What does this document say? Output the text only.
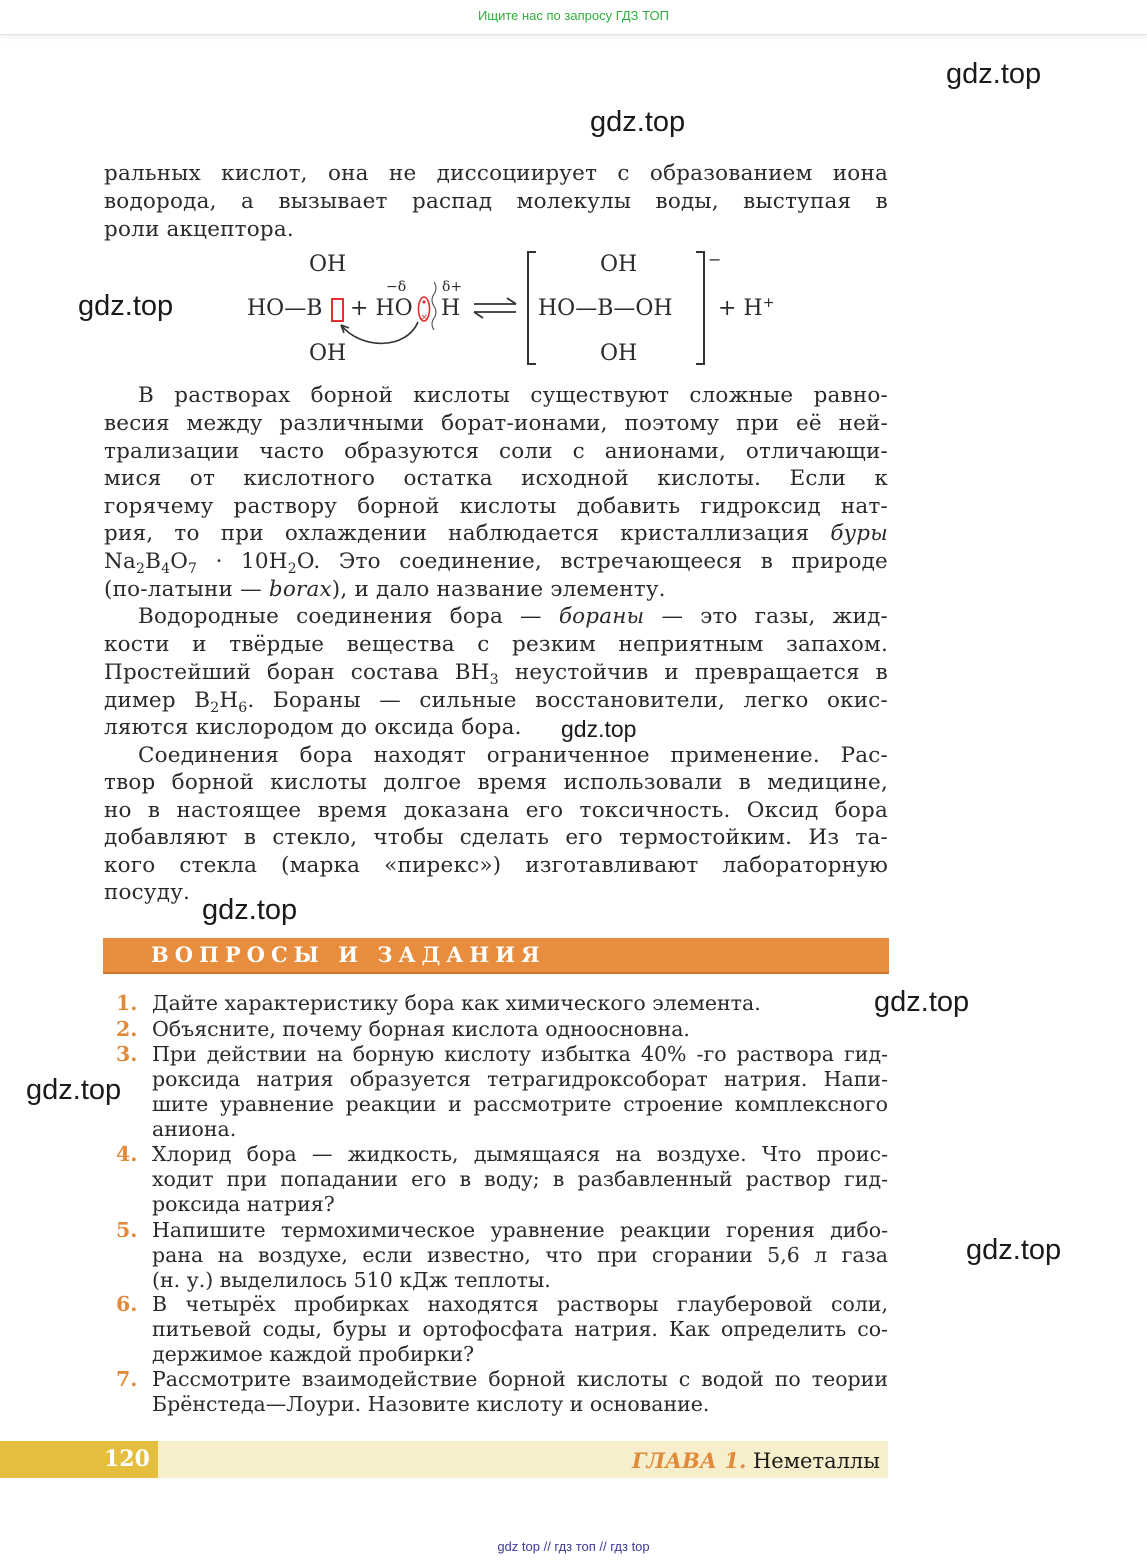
Ищите нас по запросу ГДЗ ТОП
gdz.top
gdz.top
gdz.top
gdz.top
gdz.top
gdz.top
gdz.top
gdz.top
ральных кислот, она не диссоциирует с образованием иона
водорода, а вызывает распад молекулы воды, выступая в
роли акцептора.
OH
OH
HO—B + HO H
−δ	δ+
×
OH
OH
HO—B—OH
−
+ H+
В растворах борной кислоты существуют сложные равно-
весия между различными борат-ионами, поэтому при её ней-
трализации часто образуются соли с анионами, отличающи-
мися от кислотного остатка исходной кислоты. Если к
горячему раствору борной кислоты добавить гидроксид нат-
рия, то при охлаждении наблюдается кристаллизация буры
$Na_2B_4O_7 \cdot 10H_2O$. Это соединение, встречающееся в природе
(по-латыни — borax), и дало название элементу.
Водородные соединения бора — бораны — это газы, жид-
кости и твёрдые вещества с резким неприятным запахом.
Простейший боран состава $BH_3$ неустойчив и превращается в
димер $B_2H_6$. Бораны — сильные восстановители, легко окис-
ляются кислородом до оксида бора.
Соединения бора находят ограниченное применение. Рас-
твор борной кислоты долгое время использовали в медицине,
но в настоящее время доказана его токсичность. Оксид бора
добавляют в стекло, чтобы сделать его термостойким. Из та-
кого стекла (марка «пирекс») изготавливают лабораторную
посуду.
ВОПРОСЫ И ЗАДАНИЯ
1. Дайте характеристику бора как химического элемента.
2. Объясните, почему борная кислота одноосновна.
3. При действии на борную кислоту избытка 40% -го раствора гид-
роксида натрия образуется тетрагидроксоборат натрия. Напи-
шите уравнение реакции и рассмотрите строение комплексного
аниона.
4. Хлорид бора — жидкость, дымящаяся на воздухе. Что проис-
ходит при попадании его в воду; в разбавленный раствор гид-
роксида натрия?
5. Напишите термохимическое уравнение реакции горения дибо-
рана на воздухе, если известно, что при сгорании 5,6 л газа
(н. у.) выделилось 510 кДж теплоты.
6. В четырёх пробирках находятся растворы глауберовой соли,
питьевой соды, буры и ортофосфата натрия. Как определить со-
держимое каждой пробирки?
7. Рассмотрите взаимодействие борной кислоты с водой по теории
Брёнстеда—Лоури. Назовите кислоту и основание.
120	ГЛАВА 1. Неметаллы
gdz top // гдз топ // гдз top
